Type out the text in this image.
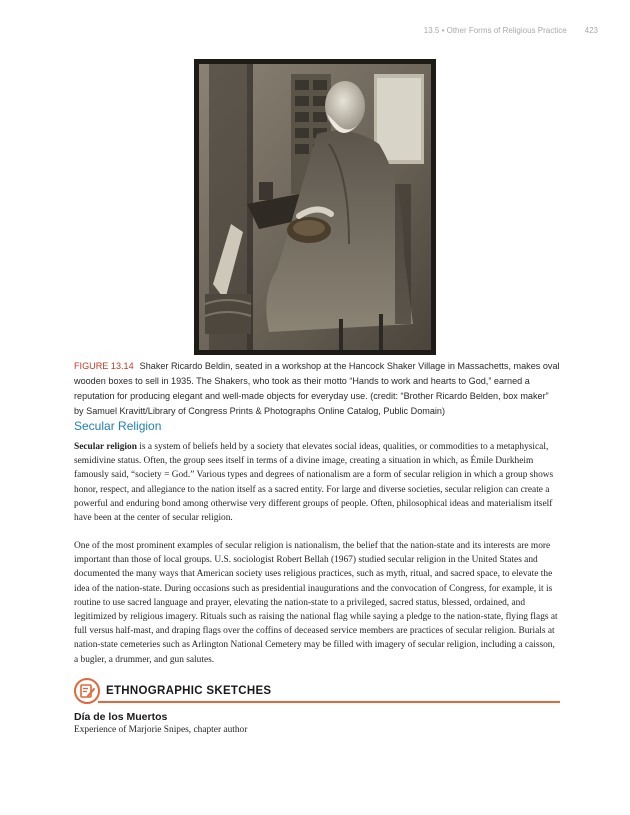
13.5 • Other Forms of Religious Practice 423

FIGURE 13.14 Shaker Ricardo Beldin, seated in a workshop at the Hancock Shaker Village in Massachetts, makes oval wooden boxes to sell in 1935. The Shakers, who took as their motto “Hands to work and hearts to God,” earned a reputation for producing elegant and well-made objects for everyday use. (credit: “Brother Ricardo Belden, box maker” by Samuel Kravitt/Library of Congress Prints & Photographs Online Catalog, Public Domain)

Secular Religion

Secular religion is a system of beliefs held by a society that elevates social ideas, qualities, or commodities to a metaphysical, semidivine status. Often, the group sees itself in terms of a divine image, creating a situation in which, as Émile Durkheim famously said, “society = God.” Various types and degrees of nationalism are a form of secular religion in which a group shows honor, respect, and allegiance to the nation itself as a sacred entity. For large and diverse societies, secular religion can create a powerful and enduring bond among otherwise very different groups of people. Often, philosophical ideas and materialism itself have been at the center of secular religion.

One of the most prominent examples of secular religion is nationalism, the belief that the nation-state and its interests are more important than those of local groups. U.S. sociologist Robert Bellah (1967) studied secular religion in the United States and documented the many ways that American society uses religious practices, such as myth, ritual, and sacred space, to elevate the idea of the nation-state. During occasions such as presidential inaugurations and the convocation of Congress, for example, it is routine to use sacred language and prayer, elevating the nation-state to a privileged, sacred status, blessed, ordained, and legitimized by religious imagery. Rituals such as raising the national flag while saying a pledge to the nation-state, flying flags at full versus half-mast, and draping flags over the coffins of deceased service members are practices of secular religion. Burials at nation-state cemeteries such as Arlington National Cemetery may be filled with imagery of secular religion, including a caisson, a bugler, a drummer, and gun salutes.

ETHNOGRAPHIC SKETCHES
Día de los Muertos

Experience of Marjorie Snipes, chapter author
